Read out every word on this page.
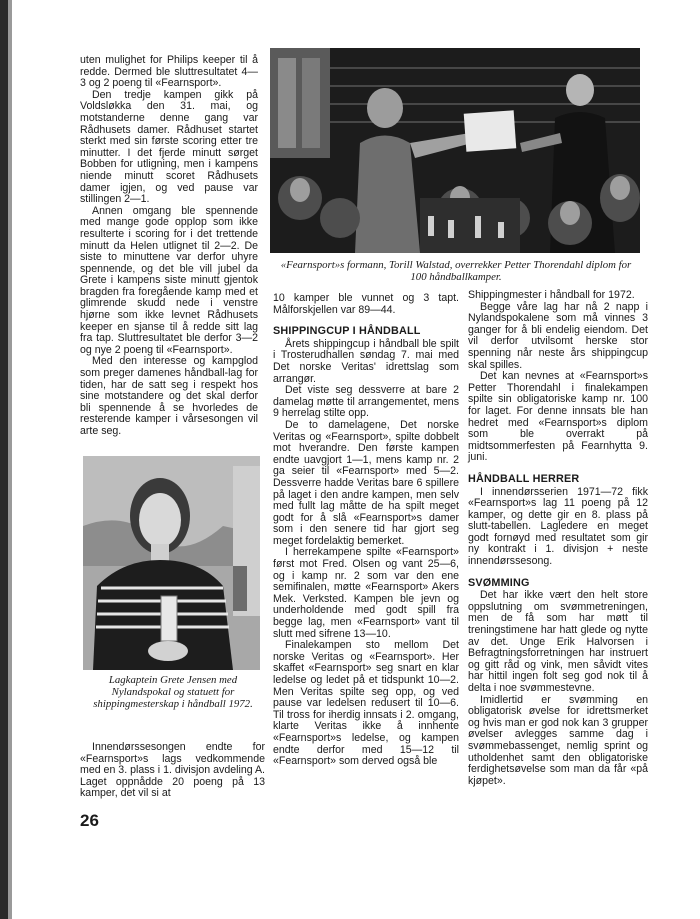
uten mulighet for Philips keeper til å redde. Dermed ble sluttresultatet 4—3 og 2 poeng til «Fearnsport».

Den tredje kampen gikk på Voldsløkka den 31. mai, og motstanderne denne gang var Rådhusets damer. Rådhuset startet sterkt med sin første scoring etter tre minutter. I det fjerde minutt sørget Bobben for utligning, men i kampens niende minutt scoret Rådhusets damer igjen, og ved pause var stillingen 2—1.

Annen omgang ble spennende med mange gode opplop som ikke resulterte i scoring for i det trettende minutt da Helen utlignet til 2—2. De siste to minuttene var derfor uhyre spennende, og det ble vill jubel da Grete i kampens siste minutt gjentok bragden fra foregående kamp med et glimrende skudd nede i venstre hjørne som ikke levnet Rådhusets keeper en sjanse til å redde sitt lag fra tap. Sluttresultatet ble derfor 3—2 og nye 2 poeng til «Fearnsport».

Med den interesse og kampglod som preger damenes håndball-lag for tiden, har de satt seg i respekt hos sine motstandere og det skal derfor bli spennende å se hvorledes de resterende kamper i vårsesongen vil arte seg.

Lagkaptein Grete Jensen med Nylandspokal og statuett for shippingmesterskap i håndball 1972.

Innendørssesongen endte for «Fearnsport»s lags vedkommende med en 3. plass i 1. divisjon avdeling A. Laget oppnådde 20 poeng på 13 kamper, det vil si at

«Fearnsport»s formann, Torill Walstad, overrekker Petter Thorendahl diplom for 100 håndballkamper.

10 kamper ble vunnet og 3 tapt. Målforskjellen var 89—44.

SHIPPINGCUP I HÅNDBALL

Årets shippingcup i håndball ble spilt i Trosterudhallen søndag 7. mai med Det norske Veritas' idrettslag som arrangør.

Det viste seg dessverre at bare 2 damelag møtte til arrangementet, mens 9 herrelag stilte opp.

De to damelagene, Det norske Veritas og «Fearnsport», spilte dobbelt mot hverandre. Den første kampen endte uavgjort 1—1, mens kamp nr. 2 ga seier til «Fearnsport» med 5—2. Dessverre hadde Veritas bare 6 spillere på laget i den andre kampen, men selv med fullt lag måtte de ha spilt meget godt for å slå «Fearnsport»s damer som i den senere tid har gjort seg meget fordelaktig bemerket.

I herrekampene spilte «Fearnsport» først mot Fred. Olsen og vant 25—6, og i kamp nr. 2 som var den ene semifinalen, møtte «Fearnsport» Akers Mek. Verksted. Kampen ble jevn og underholdende med godt spill fra begge lag, men «Fearnsport» vant til slutt med sifrene 13—10.

Finalekampen sto mellom Det norske Veritas og «Fearnsport». Her skaffet «Fearnsport» seg snart en klar ledelse og ledet på et tidspunkt 10—2. Men Veritas spilte seg opp, og ved pause var ledelsen redusert til 10—6. Til tross for iherdig innsats i 2. omgang, klarte Veritas ikke å innhente «Fearnsport»s ledelse, og kampen endte derfor med 15—12 til «Fearnsport» som derved også ble

Shippingmester i håndball for 1972.

Begge våre lag har nå 2 napp i Nylandspokalene som må vinnes 3 ganger for å bli endelig eiendom. Det vil derfor utvilsomt herske stor spenning når neste års shippingcup skal spilles.

Det kan nevnes at «Fearnsport»s Petter Thorendahl i finalekampen spilte sin obligatoriske kamp nr. 100 for laget. For denne innsats ble han hedret med «Fearnsport»s diplom som ble overrakt på midtsommerfesten på Fearnhytta 9. juni.

HÅNDBALL HERRER

I innendørsserien 1971—72 fikk «Fearnsport»s lag 11 poeng på 12 kamper, og dette gir en 8. plass på slutt-tabellen. Lagledere en meget godt fornøyd med resultatet som gir ny kontrakt i 1. divisjon + neste innendørssesong.

SVØMMING

Det har ikke vært den helt store oppslutning om svømmetreningen, men de få som har møtt til treningstimene har hatt glede og nytte av det. Unge Erik Halvorsen i Befragtningsforretningen har instruert og gitt råd og vink, men såvidt vites har hittil ingen folt seg god nok til å delta i noe svømmestevne.

Imidlertid er svømming en obligatorisk øvelse for idrettsmerket og hvis man er god nok kan 3 grupper øvelser avlegges samme dag i svømmebassenget, nemlig sprint og utholdenhet samt den obligatoriske ferdighetsøvelse som man da får «på kjøpet».

26
